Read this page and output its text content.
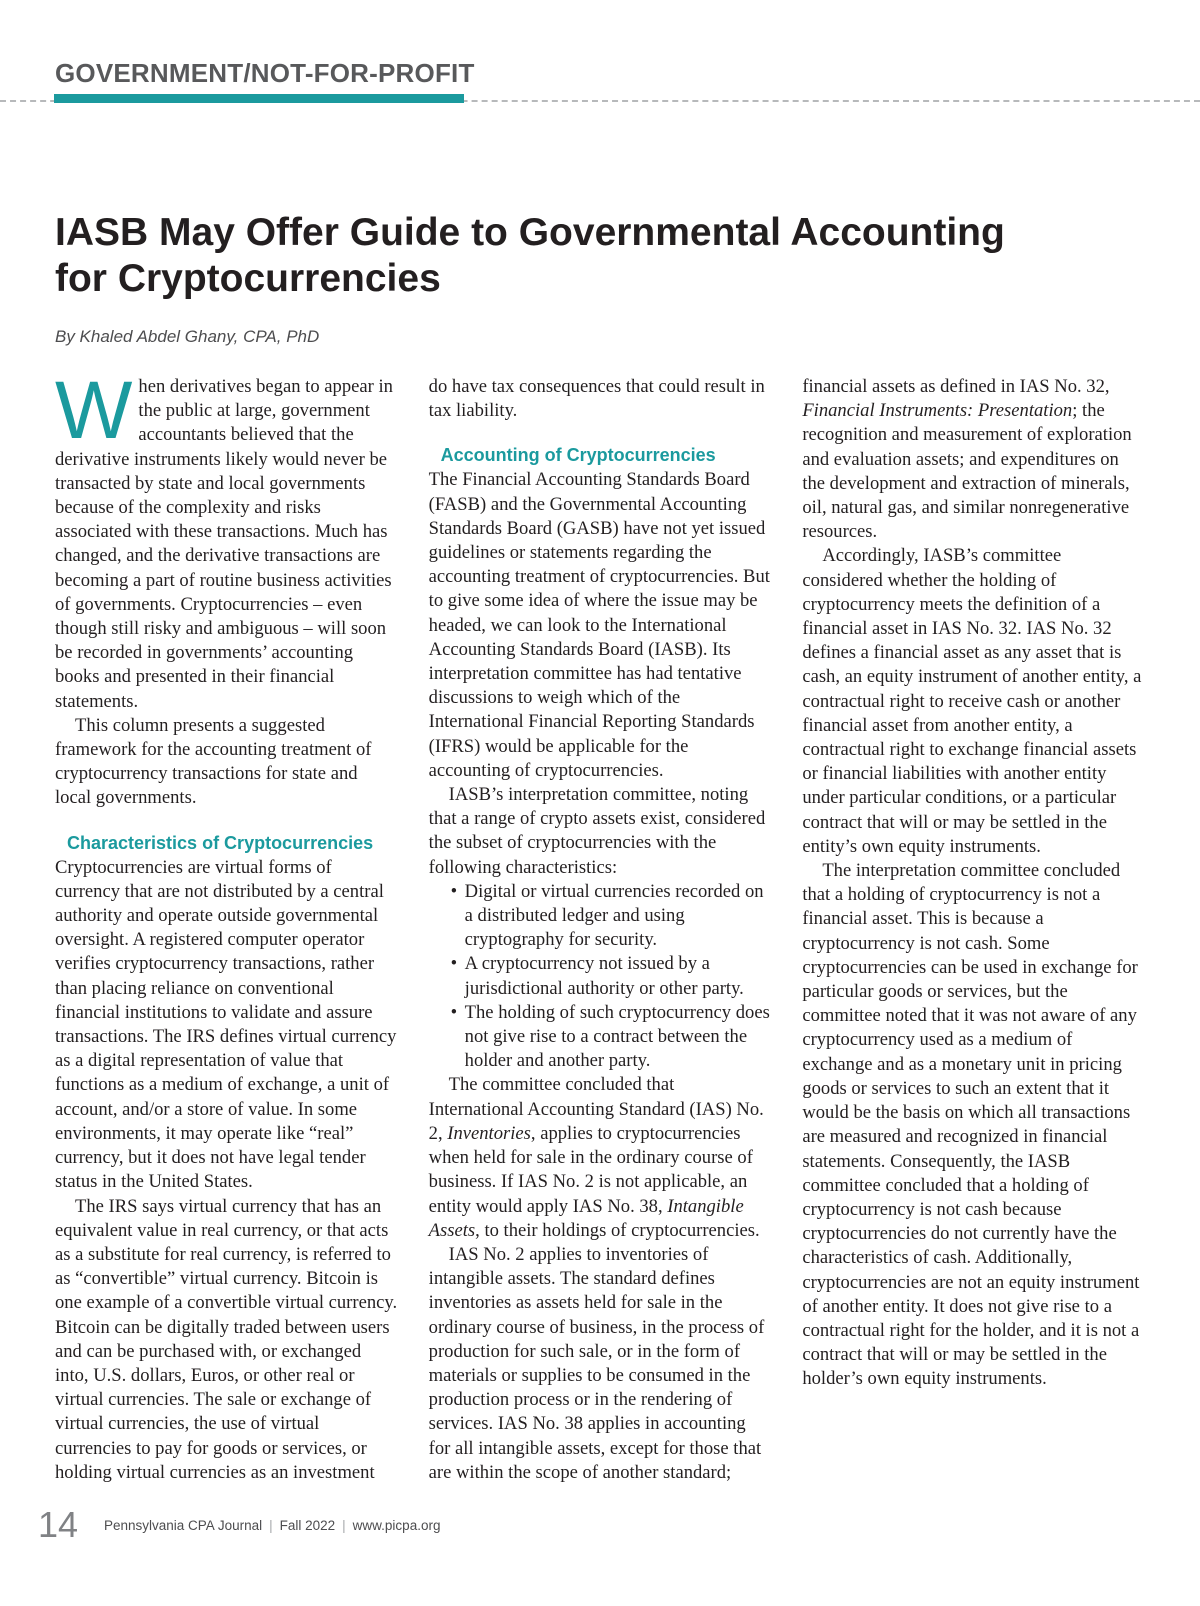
GOVERNMENT/NOT-FOR-PROFIT
IASB May Offer Guide to Governmental Accounting for Cryptocurrencies

By Khaled Abdel Ghany, CPA, PhD

When derivatives began to appear in the public at large, government accountants believed that the derivative instruments likely would never be transacted by state and local governments because of the complexity and risks associated with these transactions. Much has changed, and the derivative transactions are becoming a part of routine business activities of governments. Cryptocurrencies – even though still risky and ambiguous – will soon be recorded in governments’ accounting books and presented in their financial statements.

This column presents a suggested framework for the accounting treatment of cryptocurrency transactions for state and local governments.

Characteristics of Cryptocurrencies

Cryptocurrencies are virtual forms of currency that are not distributed by a central authority and operate outside governmental oversight. A registered computer operator verifies cryptocurrency transactions, rather than placing reliance on conventional financial institutions to validate and assure transactions. The IRS defines virtual currency as a digital representation of value that functions as a medium of exchange, a unit of account, and/or a store of value. In some environments, it may operate like “real” currency, but it does not have legal tender status in the United States.

The IRS says virtual currency that has an equivalent value in real currency, or that acts as a substitute for real currency, is referred to as “convertible” virtual currency. Bitcoin is one example of a convertible virtual currency. Bitcoin can be digitally traded between users and can be purchased with, or exchanged into, U.S. dollars, Euros, or other real or virtual currencies. The sale or exchange of virtual currencies, the use of virtual currencies to pay for goods or services, or holding virtual currencies as an investment do have tax consequences that could result in tax liability.

Accounting of Cryptocurrencies

The Financial Accounting Standards Board (FASB) and the Governmental Accounting Standards Board (GASB) have not yet issued guidelines or statements regarding the accounting treatment of cryptocurrencies. But to give some idea of where the issue may be headed, we can look to the International Accounting Standards Board (IASB). Its interpretation committee has had tentative discussions to weigh which of the International Financial Reporting Standards (IFRS) would be applicable for the accounting of cryptocurrencies.

IASB’s interpretation committee, noting that a range of crypto assets exist, considered the subset of cryptocurrencies with the following characteristics:

• Digital or virtual currencies recorded on a distributed ledger and using cryptography for security.
• A cryptocurrency not issued by a jurisdictional authority or other party.
• The holding of such cryptocurrency does not give rise to a contract between the holder and another party.

The committee concluded that International Accounting Standard (IAS) No. 2, Inventories, applies to cryptocurrencies when held for sale in the ordinary course of business. If IAS No. 2 is not applicable, an entity would apply IAS No. 38, Intangible Assets, to their holdings of cryptocurrencies.

IAS No. 2 applies to inventories of intangible assets. The standard defines inventories as assets held for sale in the ordinary course of business, in the process of production for such sale, or in the form of materials or supplies to be consumed in the production process or in the rendering of services. IAS No. 38 applies in accounting for all intangible assets, except for those that are within the scope of another standard; financial assets as defined in IAS No. 32, Financial Instruments: Presentation; the recognition and measurement of exploration and evaluation assets; and expenditures on the development and extraction of minerals, oil, natural gas, and similar nonregenerative resources.

Accordingly, IASB’s committee considered whether the holding of cryptocurrency meets the definition of a financial asset in IAS No. 32. IAS No. 32 defines a financial asset as any asset that is cash, an equity instrument of another entity, a contractual right to receive cash or another financial asset from another entity, a contractual right to exchange financial assets or financial liabilities with another entity under particular conditions, or a particular contract that will or may be settled in the entity’s own equity instruments.

The interpretation committee concluded that a holding of cryptocurrency is not a financial asset. This is because a cryptocurrency is not cash. Some cryptocurrencies can be used in exchange for particular goods or services, but the committee noted that it was not aware of any cryptocurrency used as a medium of exchange and as a monetary unit in pricing goods or services to such an extent that it would be the basis on which all transactions are measured and recognized in financial statements. Consequently, the IASB committee concluded that a holding of cryptocurrency is not cash because cryptocurrencies do not currently have the characteristics of cash. Additionally, cryptocurrencies are not an equity instrument of another entity. It does not give rise to a contractual right for the holder, and it is not a contract that will or may be settled in the holder’s own equity instruments.

14 Pennsylvania CPA Journal | Fall 2022 | www.picpa.org
